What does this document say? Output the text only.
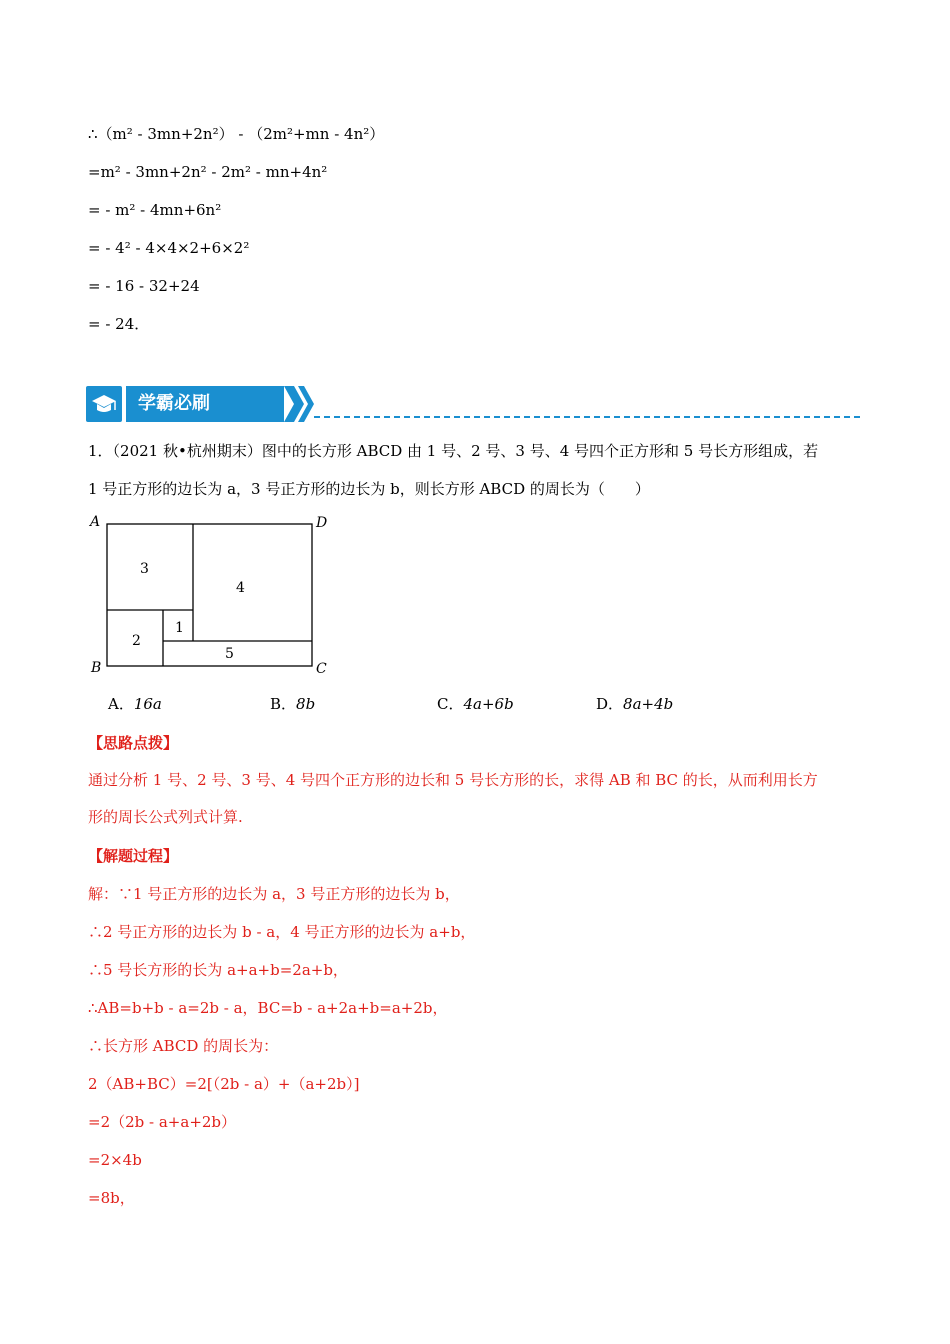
∴（m² - 3mn+2n²） - （2m²+mn - 4n²）
=m² - 3mn+2n² - 2m² - mn+4n²
= - m² - 4mn+6n²
= - 4² - 4×4×2+6×2²
= - 16 - 32+24
= - 24．
学霸必刷
1．（2021 秋•杭州期末）图中的长方形 ABCD 由 1 号、2 号、3 号、4 号四个正方形和 5 号长方形组成，若
1 号正方形的边长为 a，3 号正方形的边长为 b，则长方形 ABCD 的周长为（　　）
A	D
B	C
3
4
2
1
5
A．16a	B．8b	C．4a+6b	D．8a+4b
【思路点拨】
通过分析 1 号、2 号、3 号、4 号四个正方形的边长和 5 号长方形的长，求得 AB 和 BC 的长，从而利用长方
形的周长公式列式计算.
【解题过程】
解：∵1 号正方形的边长为 a，3 号正方形的边长为 b，
∴2 号正方形的边长为 b - a，4 号正方形的边长为 a+b，
∴5 号长方形的长为 a+a+b=2a+b，
∴AB=b+b - a=2b - a，BC=b - a+2a+b=a+2b，
∴长方形 ABCD 的周长为：
2（AB+BC）=2[（2b - a）+（a+2b）]
=2（2b - a+a+2b）
=2×4b
=8b，
